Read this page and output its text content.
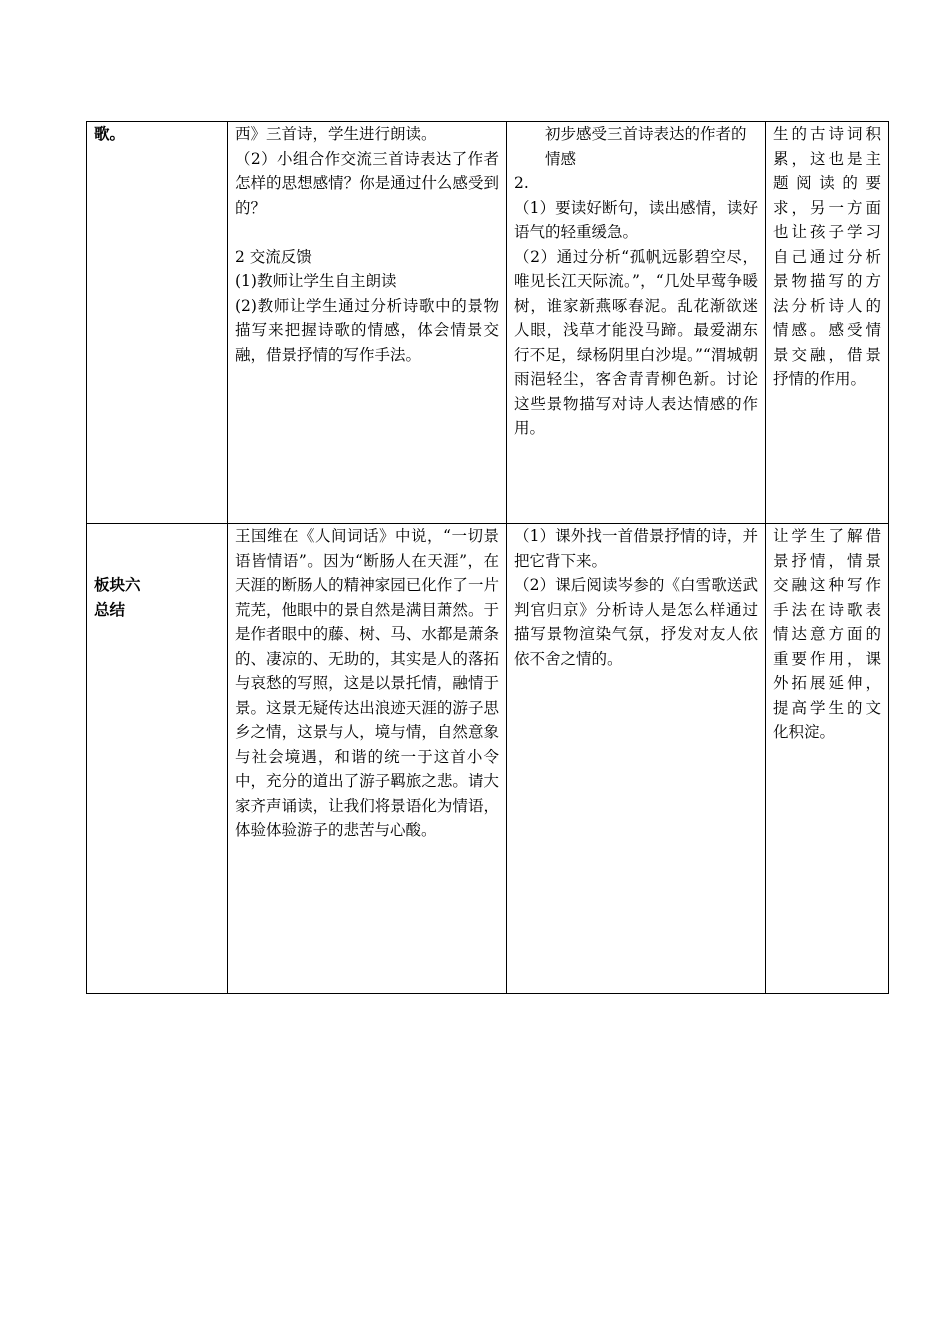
歌。	西》三首诗，学生进行朗读。
（2）小组合作交流三首诗表达了作者怎样的思想感情？你是通过什么感受到的？
2 交流反馈
(1)教师让学生自主朗读
(2)教师让学生通过分析诗歌中的景物描写来把握诗歌的情感，体会情景交融，借景抒情的写作手法。	初步感受三首诗表达的作者的情感
2.
（1）要读好断句，读出感情，读好语气的轻重缓急。
（2）通过分析“孤帆远影碧空尽，唯见长江天际流。”，“几处早莺争暖树，谁家新燕啄春泥。乱花渐欲迷人眼，浅草才能没马蹄。最爱湖东行不足，绿杨阴里白沙堤。”“渭城朝雨浥轻尘，客舍青青柳色新。讨论这些景物描写对诗人表达情感的作用。	生的古诗词积累，这也是主题阅读的要求，另一方面也让孩子学习自己通过分析景物描写的方法分析诗人的情感。感受情景交融，借景抒情的作用。

板块六
总结	王国维在《人间词话》中说，“一切景语皆情语”。因为“断肠人在天涯”，在天涯的断肠人的精神家园已化作了一片荒芜，他眼中的景自然是满目萧然。于是作者眼中的藤、树、马、水都是萧条的、凄凉的、无助的，其实是人的落拓与哀愁的写照，这是以景托情，融情于景。这景无疑传达出浪迹天涯的游子思乡之情，这景与人，境与情，自然意象与社会境遇，和谐的统一于这首小令中，充分的道出了游子羁旅之悲。请大家齐声诵读，让我们将景语化为情语，体验体验游子的悲苦与心酸。	（1）课外找一首借景抒情的诗，并把它背下来。
（2）课后阅读岑参的《白雪歌送武判官归京》分析诗人是怎么样通过描写景物渲染气氛，抒发对友人依依不舍之情的。	让学生了解借景抒情，情景交融这种写作手法在诗歌表情达意方面的重要作用，课外拓展延伸，提高学生的文化积淀。
